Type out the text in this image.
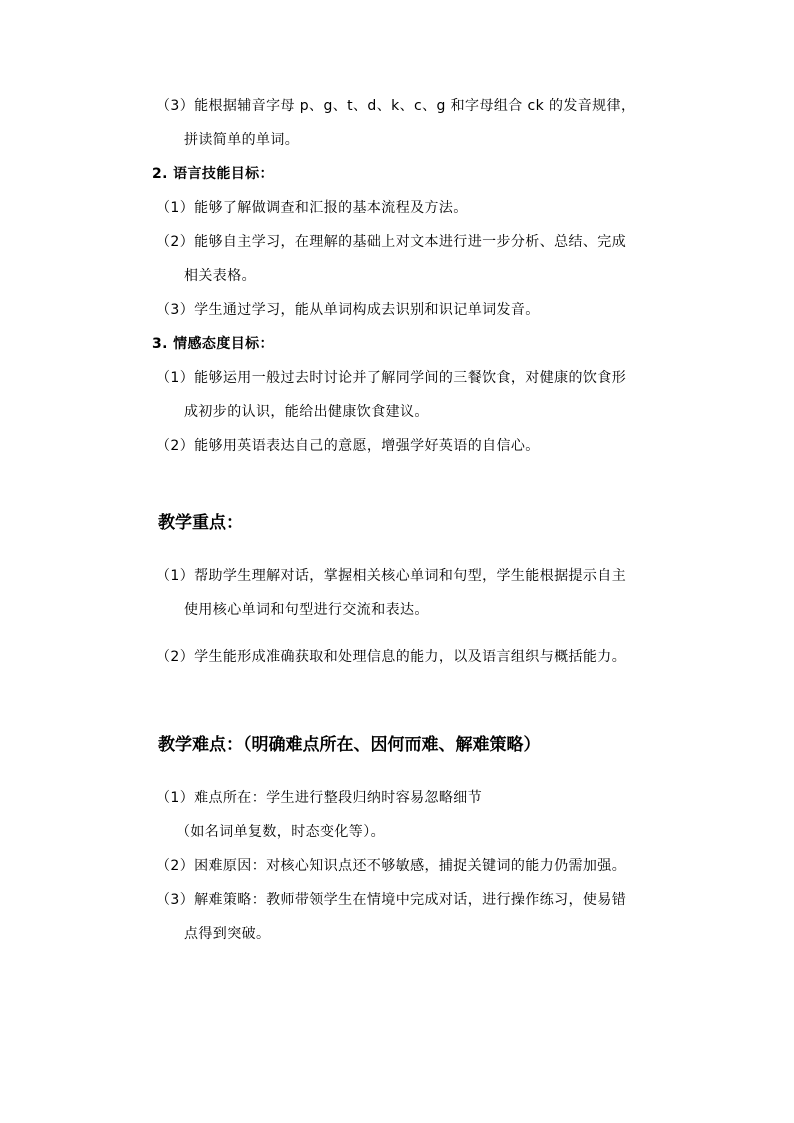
（3）能根据辅音字母 p、g、t、d、k、c、g 和字母组合 ck 的发音规律，
拼读简单的单词。
2. 语言技能目标：
（1）能够了解做调查和汇报的基本流程及方法。
（2）能够自主学习，在理解的基础上对文本进行进一步分析、总结、完成
相关表格。
（3）学生通过学习，能从单词构成去识别和识记单词发音。
3. 情感态度目标：
（1）能够运用一般过去时讨论并了解同学间的三餐饮食，对健康的饮食形
成初步的认识，能给出健康饮食建议。
（2）能够用英语表达自己的意愿，增强学好英语的自信心。
教学重点：
（1）帮助学生理解对话，掌握相关核心单词和句型，学生能根据提示自主
使用核心单词和句型进行交流和表达。
（2）学生能形成准确获取和处理信息的能力，以及语言组织与概括能力。
教学难点：（明确难点所在、因何而难、解难策略）
（1）难点所在：学生进行整段归纳时容易忽略细节
（如名词单复数，时态变化等）。
（2）困难原因：对核心知识点还不够敏感，捕捉关键词的能力仍需加强。
（3）解难策略：教师带领学生在情境中完成对话，进行操作练习，使易错
点得到突破。
